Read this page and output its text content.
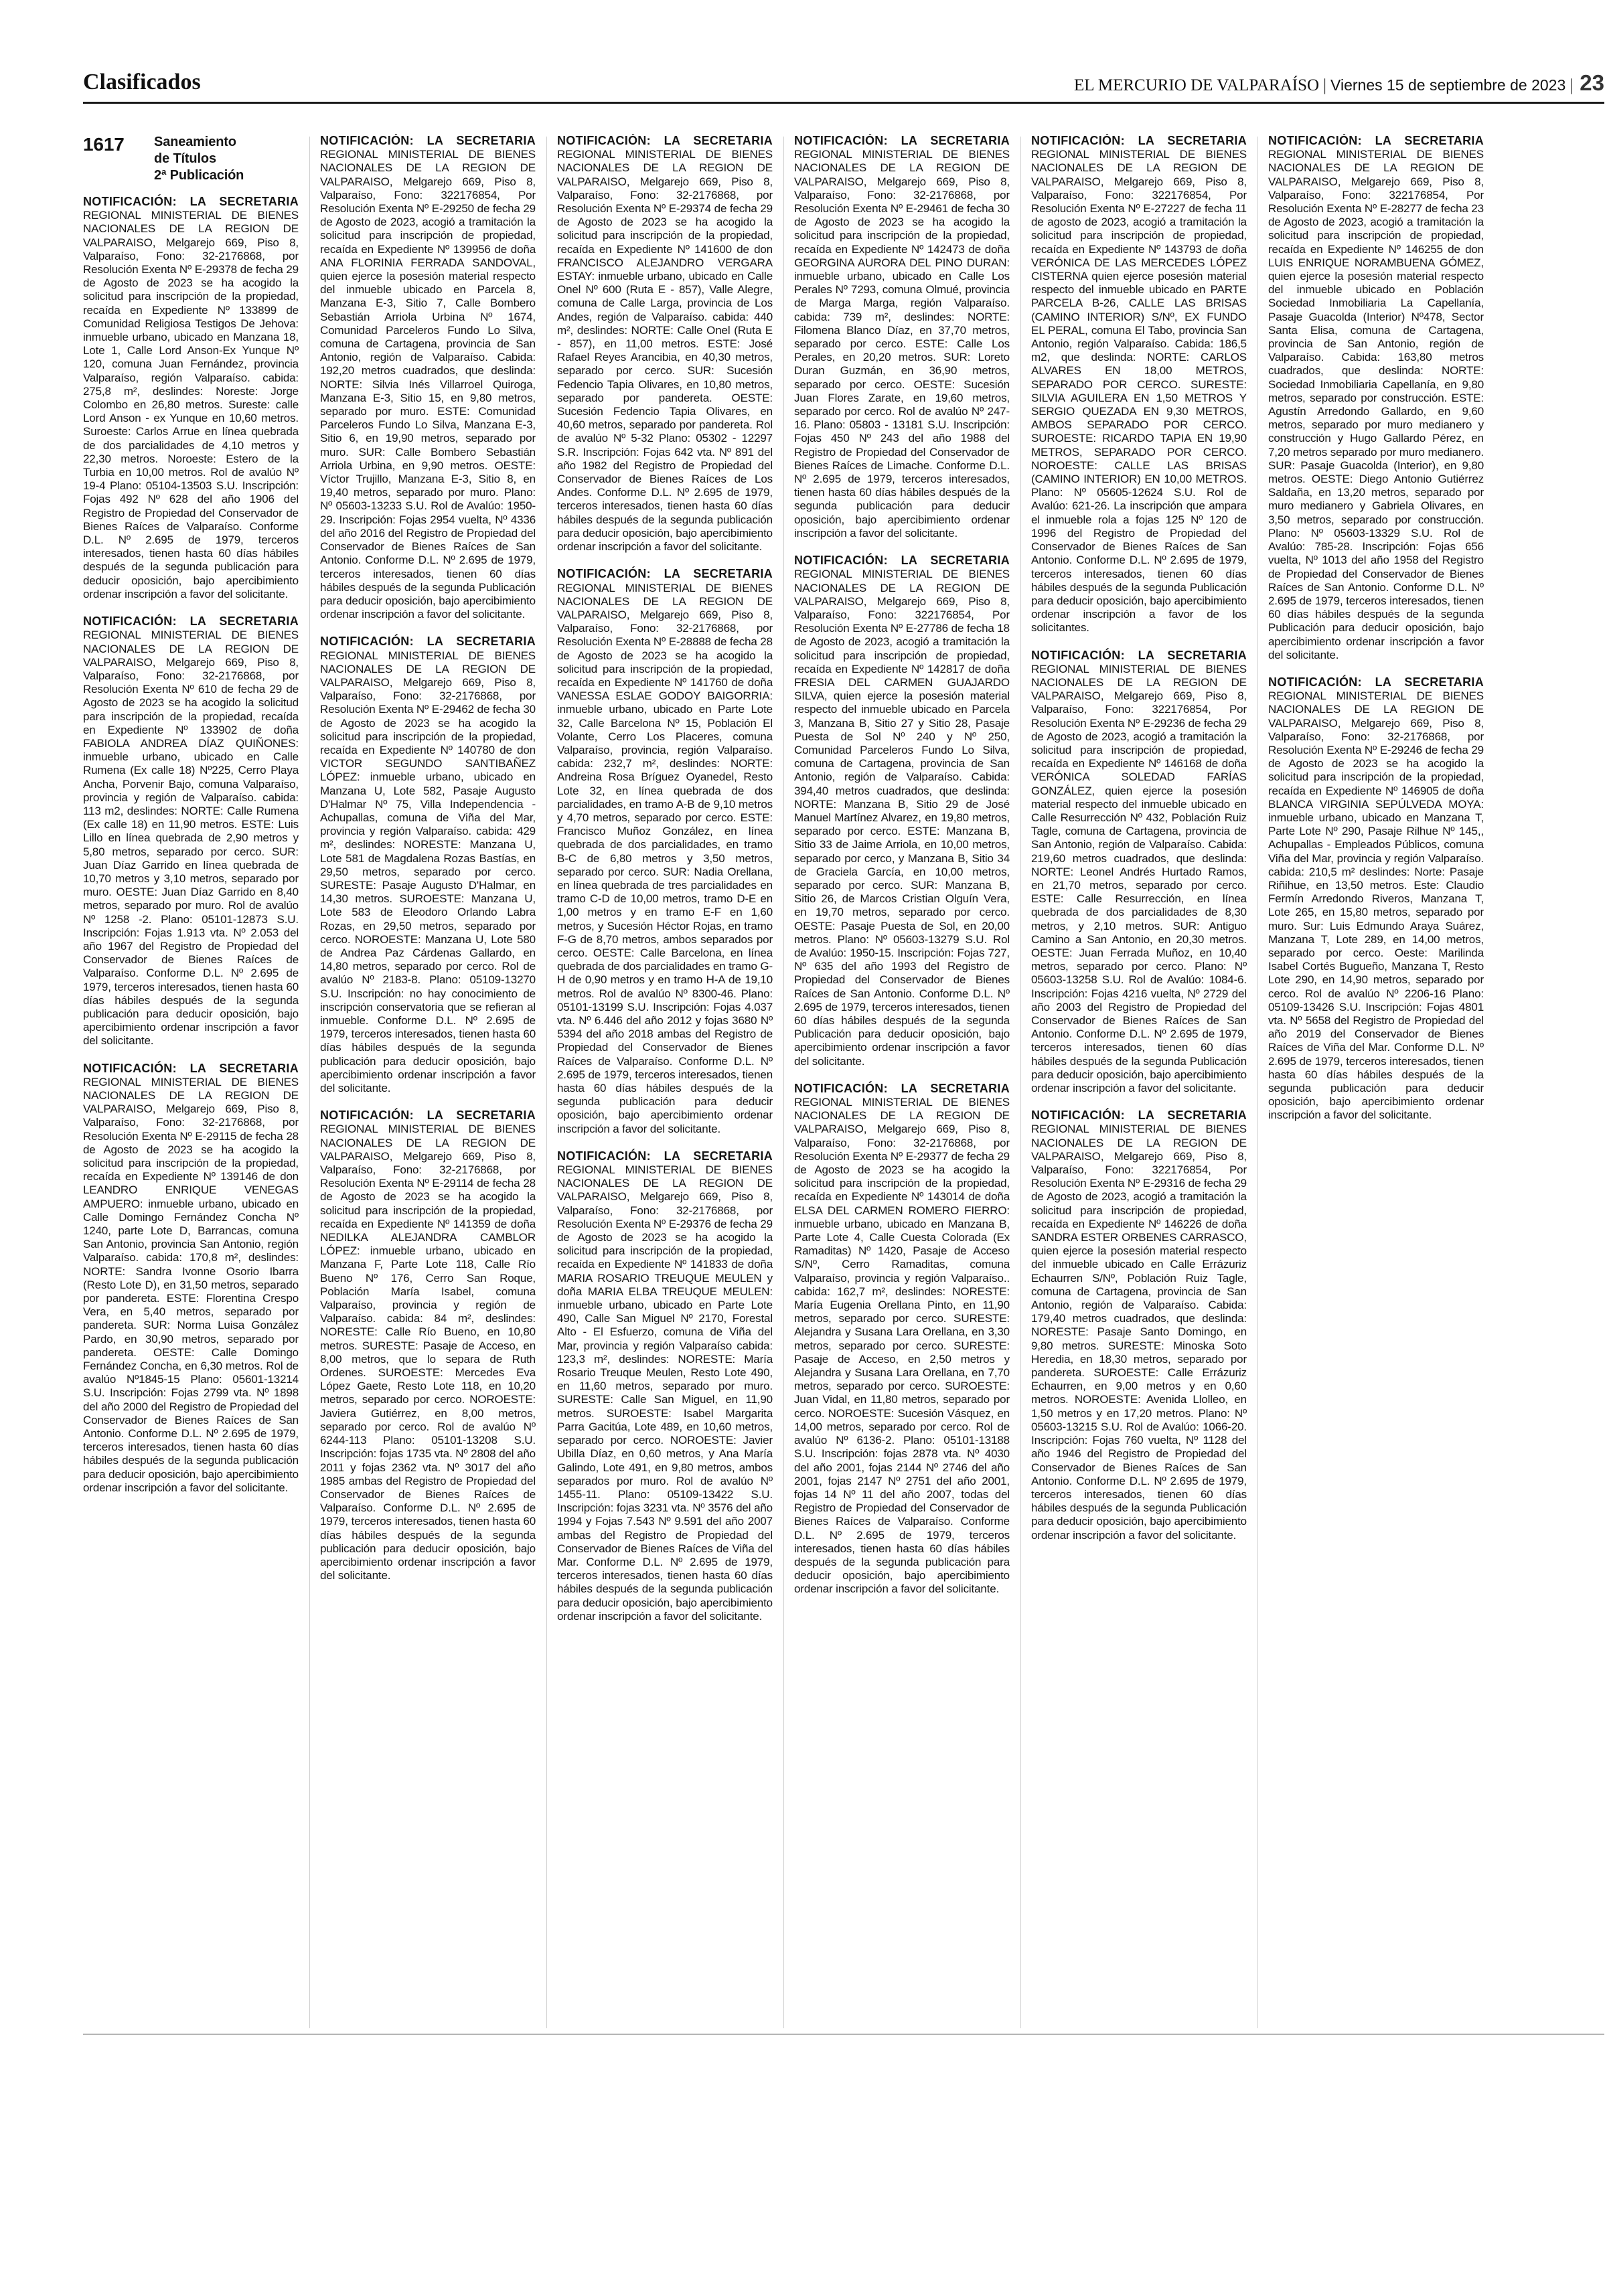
Clasificados	EL MERCURIO DE VALPARAÍSO | Viernes 15 de septiembre de 2023 | 23
1617	Saneamiento
de Títulos
2ª Publicación
NOTIFICACIÓN: LA SECRETARIA REGIONAL MINISTERIAL DE BIENES NACIONALES DE LA REGION DE VALPARAISO, Melgarejo 669, Piso 8, Valparaíso, Fono: 32-2176868, por Resolución Exenta Nº E-29378 de fecha 29 de Agosto de 2023 se ha acogido la solicitud para inscripción de la propiedad, recaída en Expediente Nº 133899 de Comunidad Religiosa Testigos De Jehova: inmueble urbano, ubicado en Manzana 18, Lote 1, Calle Lord Anson-Ex Yunque Nº 120, comuna Juan Fernández, provincia Valparaíso, región Valparaíso. cabida: 275,8 m², deslindes: Noreste: Jorge Colombo en 26,80 metros. Sureste: calle Lord Anson - ex Yunque en 10,60 metros. Suroeste: Carlos Arrue en línea quebrada de dos parcialidades de 4,10 metros y 22,30 metros. Noroeste: Estero de la Turbia en 10,00 metros. Rol de avalúo Nº 19-4 Plano: 05104-13503 S.U. Inscripción: Fojas 492 Nº 628 del año 1906 del Registro de Propiedad del Conservador de Bienes Raíces de Valparaíso. Conforme D.L. Nº 2.695 de 1979, terceros interesados, tienen hasta 60 días hábiles después de la segunda publicación para deducir oposición, bajo apercibimiento ordenar inscripción a favor del solicitante.
NOTIFICACIÓN: LA SECRETARIA REGIONAL MINISTERIAL DE BIENES NACIONALES DE LA REGION DE VALPARAISO, Melgarejo 669, Piso 8, Valparaíso, Fono: 32-2176868, por Resolución Exenta Nº 610 de fecha 29 de Agosto de 2023 se ha acogido la solicitud para inscripción de la propiedad, recaída en Expediente Nº 133902 de doña FABIOLA ANDREA DÍAZ QUIÑONES: inmueble urbano, ubicado en Calle Rumena (Ex calle 18) Nº225, Cerro Playa Ancha, Porvenir Bajo, comuna Valparaíso, provincia y región de Valparaíso. cabida: 113 m2, deslindes: NORTE: Calle Rumena (Ex calle 18) en 11,90 metros. ESTE: Luis Lillo en línea quebrada de 2,90 metros y 5,80 metros, separado por cerco. SUR: Juan Díaz Garrido en línea quebrada de 10,70 metros y 3,10 metros, separado por muro. OESTE: Juan Díaz Garrido en 8,40 metros, separado por muro. Rol de avalúo Nº 1258 -2. Plano: 05101-12873 S.U. Inscripción: Fojas 1.913 vta. Nº 2.053 del año 1967 del Registro de Propiedad del Conservador de Bienes Raíces de Valparaíso. Conforme D.L. Nº 2.695 de 1979, terceros interesados, tienen hasta 60 días hábiles después de la segunda publicación para deducir oposición, bajo apercibimiento ordenar inscripción a favor del solicitante.
NOTIFICACIÓN: LA SECRETARIA REGIONAL MINISTERIAL DE BIENES NACIONALES DE LA REGION DE VALPARAISO, Melgarejo 669, Piso 8, Valparaíso, Fono: 32-2176868, por Resolución Exenta Nº E-29115 de fecha 28 de Agosto de 2023 se ha acogido la solicitud para inscripción de la propiedad, recaída en Expediente Nº 139146 de don LEANDRO ENRIQUE VENEGAS AMPUERO: inmueble urbano, ubicado en Calle Domingo Fernández Concha Nº 1240, parte Lote D, Barrancas, comuna San Antonio, provincia San Antonio, región Valparaíso. cabida: 170,8 m², deslindes: NORTE: Sandra Ivonne Osorio Ibarra (Resto Lote D), en 31,50 metros, separado por pandereta. ESTE: Florentina Crespo Vera, en 5,40 metros, separado por pandereta. SUR: Norma Luisa González Pardo, en 30,90 metros, separado por pandereta. OESTE: Calle Domingo Fernández Concha, en 6,30 metros. Rol de avalúo Nº1845-15 Plano: 05601-13214 S.U. Inscripción: Fojas 2799 vta. Nº 1898 del año 2000 del Registro de Propiedad del Conservador de Bienes Raíces de San Antonio. Conforme D.L. Nº 2.695 de 1979, terceros interesados, tienen hasta 60 días hábiles después de la segunda publicación para deducir oposición, bajo apercibimiento ordenar inscripción a favor del solicitante.
NOTIFICACIÓN: LA SECRETARIA REGIONAL MINISTERIAL DE BIENES NACIONALES DE LA REGION DE VALPARAISO, Melgarejo 669, Piso 8, Valparaíso, Fono: 322176854, Por Resolución Exenta Nº E-29250 de fecha 29 de Agosto de 2023, acogió a tramitación la solicitud para inscripción de propiedad, recaída en Expediente Nº 139956 de doña ANA FLORINIA FERRADA SANDOVAL, quien ejerce la posesión material respecto del inmueble ubicado en Parcela 8, Manzana E-3, Sitio 7, Calle Bombero Sebastián Arriola Urbina Nº 1674, Comunidad Parceleros Fundo Lo Silva, comuna de Cartagena, provincia de San Antonio, región de Valparaíso. Cabida: 192,20 metros cuadrados, que deslinda: NORTE: Silvia Inés Villarroel Quiroga, Manzana E-3, Sitio 15, en 9,80 metros, separado por muro. ESTE: Comunidad Parceleros Fundo Lo Silva, Manzana E-3, Sitio 6, en 19,90 metros, separado por muro. SUR: Calle Bombero Sebastián Arriola Urbina, en 9,90 metros. OESTE: Víctor Trujillo, Manzana E-3, Sitio 8, en 19,40 metros, separado por muro. Plano: Nº 05603-13233 S.U. Rol de Avalúo: 1950-29. Inscripción: Fojas 2954 vuelta, Nº 4336 del año 2016 del Registro de Propiedad del Conservador de Bienes Raíces de San Antonio. Conforme D.L. Nº 2.695 de 1979, terceros interesados, tienen 60 días hábiles después de la segunda Publicación para deducir oposición, bajo apercibimiento ordenar inscripción a favor del solicitante.
NOTIFICACIÓN: LA SECRETARIA REGIONAL MINISTERIAL DE BIENES NACIONALES DE LA REGION DE VALPARAISO, Melgarejo 669, Piso 8, Valparaíso, Fono: 32-2176868, por Resolución Exenta Nº E-29462 de fecha 30 de Agosto de 2023 se ha acogido la solicitud para inscripción de la propiedad, recaída en Expediente Nº 140780 de don VICTOR SEGUNDO SANTIBAÑEZ LÓPEZ: inmueble urbano, ubicado en Manzana U, Lote 582, Pasaje Augusto D'Halmar Nº 75, Villa Independencia - Achupallas, comuna de Viña del Mar, provincia y región Valparaíso. cabida: 429 m², deslindes: NORESTE: Manzana U, Lote 581 de Magdalena Rozas Bastías, en 29,50 metros, separado por cerco. SURESTE: Pasaje Augusto D'Halmar, en 14,30 metros. SUROESTE: Manzana U, Lote 583 de Eleodoro Orlando Labra Rozas, en 29,50 metros, separado por cerco. NOROESTE: Manzana U, Lote 580 de Andrea Paz Cárdenas Gallardo, en 14,80 metros, separado por cerco. Rol de avalúo Nº 2183-8. Plano: 05109-13270 S.U. Inscripción: no hay conocimiento de inscripción conservatoria que se refieran al inmueble. Conforme D.L. Nº 2.695 de 1979, terceros interesados, tienen hasta 60 días hábiles después de la segunda publicación para deducir oposición, bajo apercibimiento ordenar inscripción a favor del solicitante.
NOTIFICACIÓN: LA SECRETARIA REGIONAL MINISTERIAL DE BIENES NACIONALES DE LA REGION DE VALPARAISO, Melgarejo 669, Piso 8, Valparaíso, Fono: 32-2176868, por Resolución Exenta Nº E-29114 de fecha 28 de Agosto de 2023 se ha acogido la solicitud para inscripción de la propiedad, recaída en Expediente Nº 141359 de doña NEDILKA ALEJANDRA CAMBLOR LÓPEZ: inmueble urbano, ubicado en Manzana F, Parte Lote 118, Calle Río Bueno Nº 176, Cerro San Roque, Población María Isabel, comuna Valparaíso, provincia y región de Valparaíso. cabida: 84 m², deslindes: NORESTE: Calle Río Bueno, en 10,80 metros. SURESTE: Pasaje de Acceso, en 8,00 metros, que lo separa de Ruth Ordenes. SUROESTE: Mercedes Eva López Gaete, Resto Lote 118, en 10,20 metros, separado por cerco. NOROESTE: Javiera Gutiérrez, en 8,00 metros, separado por cerco. Rol de avalúo Nº 6244-113 Plano: 05101-13208 S.U. Inscripción: fojas 1735 vta. Nº 2808 del año 2011 y fojas 2362 vta. Nº 3017 del año 1985 ambas del Registro de Propiedad del Conservador de Bienes Raíces de Valparaíso. Conforme D.L. Nº 2.695 de 1979, terceros interesados, tienen hasta 60 días hábiles después de la segunda publicación para deducir oposición, bajo apercibimiento ordenar inscripción a favor del solicitante.
NOTIFICACIÓN: LA SECRETARIA REGIONAL MINISTERIAL DE BIENES NACIONALES DE LA REGION DE VALPARAISO, Melgarejo 669, Piso 8, Valparaíso, Fono: 32-2176868, por Resolución Exenta Nº E-29374 de fecha 29 de Agosto de 2023 se ha acogido la solicitud para inscripción de la propiedad, recaída en Expediente Nº 141600 de don FRANCISCO ALEJANDRO VERGARA ESTAY: inmueble urbano, ubicado en Calle Onel Nº 600 (Ruta E - 857), Valle Alegre, comuna de Calle Larga, provincia de Los Andes, región de Valparaíso. cabida: 440 m², deslindes: NORTE: Calle Onel (Ruta E - 857), en 11,00 metros. ESTE: José Rafael Reyes Arancibia, en 40,30 metros, separado por cerco. SUR: Sucesión Fedencio Tapia Olivares, en 10,80 metros, separado por pandereta. OESTE: Sucesión Fedencio Tapia Olivares, en 40,60 metros, separado por pandereta. Rol de avalúo Nº 5-32 Plano: 05302 - 12297 S.R. Inscripción: Fojas 642 vta. Nº 891 del año 1982 del Registro de Propiedad del Conservador de Bienes Raíces de Los Andes. Conforme D.L. Nº 2.695 de 1979, terceros interesados, tienen hasta 60 días hábiles después de la segunda publicación para deducir oposición, bajo apercibimiento ordenar inscripción a favor del solicitante.
NOTIFICACIÓN: LA SECRETARIA REGIONAL MINISTERIAL DE BIENES NACIONALES DE LA REGION DE VALPARAISO, Melgarejo 669, Piso 8, Valparaíso, Fono: 32-2176868, por Resolución Exenta Nº E-28888 de fecha 28 de Agosto de 2023 se ha acogido la solicitud para inscripción de la propiedad, recaída en Expediente Nº 141760 de doña VANESSA ESLAE GODOY BAIGORRIA: inmueble urbano, ubicado en Parte Lote 32, Calle Barcelona Nº 15, Población El Volante, Cerro Los Placeres, comuna Valparaíso, provincia, región Valparaíso. cabida: 232,7 m², deslindes: NORTE: Andreina Rosa Bríguez Oyanedel, Resto Lote 32, en línea quebrada de dos parcialidades, en tramo A-B de 9,10 metros y 4,70 metros, separado por cerco. ESTE: Francisco Muñoz González, en línea quebrada de dos parcialidades, en tramo B-C de 6,80 metros y 3,50 metros, separado por cerco. SUR: Nadia Orellana, en línea quebrada de tres parcialidades en tramo C-D de 10,00 metros, tramo D-E en 1,00 metros y en tramo E-F en 1,60 metros, y Sucesión Héctor Rojas, en tramo F-G de 8,70 metros, ambos separados por cerco. OESTE: Calle Barcelona, en línea quebrada de dos parcialidades en tramo G-H de 0,90 metros y en tramo H-A de 19,10 metros. Rol de avalúo Nº 8300-46. Plano: 05101-13199 S.U. Inscripción: Fojas 4.037 vta. Nº 6.446 del año 2012 y fojas 3680 Nº 5394 del año 2018 ambas del Registro de Propiedad del Conservador de Bienes Raíces de Valparaíso. Conforme D.L. Nº 2.695 de 1979, terceros interesados, tienen hasta 60 días hábiles después de la segunda publicación para deducir oposición, bajo apercibimiento ordenar inscripción a favor del solicitante.
NOTIFICACIÓN: LA SECRETARIA REGIONAL MINISTERIAL DE BIENES NACIONALES DE LA REGION DE VALPARAISO, Melgarejo 669, Piso 8, Valparaíso, Fono: 32-2176868, por Resolución Exenta Nº E-29376 de fecha 29 de Agosto de 2023 se ha acogido la solicitud para inscripción de la propiedad, recaída en Expediente Nº 141833 de doña MARIA ROSARIO TREUQUE MEULEN y doña MARIA ELBA TREUQUE MEULEN: inmueble urbano, ubicado en Parte Lote 490, Calle San Miguel Nº 2170, Forestal Alto - El Esfuerzo, comuna de Viña del Mar, provincia y región Valparaíso cabida: 123,3 m², deslindes: NORESTE: María Rosario Treuque Meulen, Resto Lote 490, en 11,60 metros, separado por muro. SURESTE: Calle San Miguel, en 11,90 metros. SUROESTE: Isabel Margarita Parra Gacitúa, Lote 489, en 10,60 metros, separado por cerco. NOROESTE: Javier Ubilla Díaz, en 0,60 metros, y Ana María Galindo, Lote 491, en 9,80 metros, ambos separados por muro. Rol de avalúo Nº 1455-11. Plano: 05109-13422 S.U. Inscripción: fojas 3231 vta. Nº 3576 del año 1994 y Fojas 7.543 Nº 9.591 del año 2007 ambas del Registro de Propiedad del Conservador de Bienes Raíces de Viña del Mar. Conforme D.L. Nº 2.695 de 1979, terceros interesados, tienen hasta 60 días hábiles después de la segunda publicación para deducir oposición, bajo apercibimiento ordenar inscripción a favor del solicitante.
NOTIFICACIÓN: LA SECRETARIA REGIONAL MINISTERIAL DE BIENES NACIONALES DE LA REGION DE VALPARAISO, Melgarejo 669, Piso 8, Valparaíso, Fono: 32-2176868, por Resolución Exenta Nº E-29461 de fecha 30 de Agosto de 2023 se ha acogido la solicitud para inscripción de la propiedad, recaída en Expediente Nº 142473 de doña GEORGINA AURORA DEL PINO DURAN: inmueble urbano, ubicado en Calle Los Perales Nº 7293, comuna Olmué, provincia de Marga Marga, región Valparaíso. cabida: 739 m², deslindes: NORTE: Filomena Blanco Díaz, en 37,70 metros, separado por cerco. ESTE: Calle Los Perales, en 20,20 metros. SUR: Loreto Duran Guzmán, en 36,90 metros, separado por cerco. OESTE: Sucesión Juan Flores Zarate, en 19,60 metros, separado por cerco. Rol de avalúo Nº 247-16. Plano: 05803 - 13181 S.U. Inscripción: Fojas 450 Nº 243 del año 1988 del Registro de Propiedad del Conservador de Bienes Raíces de Limache. Conforme D.L. Nº 2.695 de 1979, terceros interesados, tienen hasta 60 días hábiles después de la segunda publicación para deducir oposición, bajo apercibimiento ordenar inscripción a favor del solicitante.
NOTIFICACIÓN: LA SECRETARIA REGIONAL MINISTERIAL DE BIENES NACIONALES DE LA REGION DE VALPARAISO, Melgarejo 669, Piso 8, Valparaíso, Fono: 322176854, Por Resolución Exenta Nº E-27786 de fecha 18 de Agosto de 2023, acogió a tramitación la solicitud para inscripción de propiedad, recaída en Expediente Nº 142817 de doña FRESIA DEL CARMEN GUAJARDO SILVA, quien ejerce la posesión material respecto del inmueble ubicado en Parcela 3, Manzana B, Sitio 27 y Sitio 28, Pasaje Puesta de Sol Nº 240 y Nº 250, Comunidad Parceleros Fundo Lo Silva, comuna de Cartagena, provincia de San Antonio, región de Valparaíso. Cabida: 394,40 metros cuadrados, que deslinda: NORTE: Manzana B, Sitio 29 de José Manuel Martínez Alvarez, en 19,80 metros, separado por cerco. ESTE: Manzana B, Sitio 33 de Jaime Arriola, en 10,00 metros, separado por cerco, y Manzana B, Sitio 34 de Graciela García, en 10,00 metros, separado por cerco. SUR: Manzana B, Sitio 26, de Marcos Cristian Olguín Vera, en 19,70 metros, separado por cerco. OESTE: Pasaje Puesta de Sol, en 20,00 metros. Plano: Nº 05603-13279 S.U. Rol de Avalúo: 1950-15. Inscripción: Fojas 727, Nº 635 del año 1993 del Registro de Propiedad del Conservador de Bienes Raíces de San Antonio. Conforme D.L. Nº 2.695 de 1979, terceros interesados, tienen 60 días hábiles después de la segunda Publicación para deducir oposición, bajo apercibimiento ordenar inscripción a favor del solicitante.
NOTIFICACIÓN: LA SECRETARIA REGIONAL MINISTERIAL DE BIENES NACIONALES DE LA REGION DE VALPARAISO, Melgarejo 669, Piso 8, Valparaíso, Fono: 32-2176868, por Resolución Exenta Nº E-29377 de fecha 29 de Agosto de 2023 se ha acogido la solicitud para inscripción de la propiedad, recaída en Expediente Nº 143014 de doña ELSA DEL CARMEN ROMERO FIERRO: inmueble urbano, ubicado en Manzana B, Parte Lote 4, Calle Cuesta Colorada (Ex Ramaditas) Nº 1420, Pasaje de Acceso S/Nº, Cerro Ramaditas, comuna Valparaíso, provincia y región Valparaíso.. cabida: 162,7 m², deslindes: NORESTE: María Eugenia Orellana Pinto, en 11,90 metros, separado por cerco. SURESTE: Alejandra y Susana Lara Orellana, en 3,30 metros, separado por cerco. SURESTE: Pasaje de Acceso, en 2,50 metros y Alejandra y Susana Lara Orellana, en 7,70 metros, separado por cerco. SUROESTE: Juan Vidal, en 11,80 metros, separado por cerco. NOROESTE: Sucesión Vásquez, en 14,00 metros, separado por cerco. Rol de avalúo Nº 6136-2. Plano: 05101-13188 S.U. Inscripción: fojas 2878 vta. Nº 4030 del año 2001, fojas 2144 Nº 2746 del año 2001, fojas 2147 Nº 2751 del año 2001, fojas 14 Nº 11 del año 2007, todas del Registro de Propiedad del Conservador de Bienes Raíces de Valparaíso. Conforme D.L. Nº 2.695 de 1979, terceros interesados, tienen hasta 60 días hábiles después de la segunda publicación para deducir oposición, bajo apercibimiento ordenar inscripción a favor del solicitante.
NOTIFICACIÓN: LA SECRETARIA REGIONAL MINISTERIAL DE BIENES NACIONALES DE LA REGION DE VALPARAISO, Melgarejo 669, Piso 8, Valparaíso, Fono: 322176854, Por Resolución Exenta Nº E-27227 de fecha 11 de agosto de 2023, acogió a tramitación la solicitud para inscripción de propiedad, recaída en Expediente Nº 143793 de doña VERÓNICA DE LAS MERCEDES LÓPEZ CISTERNA quien ejerce posesión material respecto del inmueble ubicado en PARTE PARCELA B-26, CALLE LAS BRISAS (CAMINO INTERIOR) S/Nº, EX FUNDO EL PERAL, comuna El Tabo, provincia San Antonio, región Valparaíso. Cabida: 186,5 m2, que deslinda: NORTE: CARLOS ALVARES EN 18,00 METROS, SEPARADO POR CERCO. SURESTE: SILVIA AGUILERA EN 1,50 METROS Y SERGIO QUEZADA EN 9,30 METROS, AMBOS SEPARADO POR CERCO. SUROESTE: RICARDO TAPIA EN 19,90 METROS, SEPARADO POR CERCO. NOROESTE: CALLE LAS BRISAS (CAMINO INTERIOR) EN 10,00 METROS. Plano: Nº 05605-12624 S.U. Rol de Avalúo: 621-26. La inscripción que ampara el inmueble rola a fojas 125 Nº 120 de 1996 del Registro de Propiedad del Conservador de Bienes Raíces de San Antonio. Conforme D.L. Nº 2.695 de 1979, terceros interesados, tienen 60 días hábiles después de la segunda Publicación para deducir oposición, bajo apercibimiento ordenar inscripción a favor de los solicitantes.
NOTIFICACIÓN: LA SECRETARIA REGIONAL MINISTERIAL DE BIENES NACIONALES DE LA REGION DE VALPARAISO, Melgarejo 669, Piso 8, Valparaíso, Fono: 322176854, Por Resolución Exenta Nº E-29236 de fecha 29 de Agosto de 2023, acogió a tramitación la solicitud para inscripción de propiedad, recaída en Expediente Nº 146168 de doña VERÓNICA SOLEDAD FARÍAS GONZÁLEZ, quien ejerce la posesión material respecto del inmueble ubicado en Calle Resurrección Nº 432, Población Ruiz Tagle, comuna de Cartagena, provincia de San Antonio, región de Valparaíso. Cabida: 219,60 metros cuadrados, que deslinda: NORTE: Leonel Andrés Hurtado Ramos, en 21,70 metros, separado por cerco. ESTE: Calle Resurrección, en línea quebrada de dos parcialidades de 8,30 metros, y 2,10 metros. SUR: Antiguo Camino a San Antonio, en 20,30 metros. OESTE: Juan Ferrada Muñoz, en 10,40 metros, separado por cerco. Plano: Nº 05603-13258 S.U. Rol de Avalúo: 1084-6. Inscripción: Fojas 4216 vuelta, Nº 2729 del año 2003 del Registro de Propiedad del Conservador de Bienes Raíces de San Antonio. Conforme D.L. Nº 2.695 de 1979, terceros interesados, tienen 60 días hábiles después de la segunda Publicación para deducir oposición, bajo apercibimiento ordenar inscripción a favor del solicitante.
NOTIFICACIÓN: LA SECRETARIA REGIONAL MINISTERIAL DE BIENES NACIONALES DE LA REGION DE VALPARAISO, Melgarejo 669, Piso 8, Valparaíso, Fono: 322176854, Por Resolución Exenta Nº E-29316 de fecha 29 de Agosto de 2023, acogió a tramitación la solicitud para inscripción de propiedad, recaída en Expediente Nº 146226 de doña SANDRA ESTER ORBENES CARRASCO, quien ejerce la posesión material respecto del inmueble ubicado en Calle Errázuriz Echaurren S/Nº, Población Ruiz Tagle, comuna de Cartagena, provincia de San Antonio, región de Valparaíso. Cabida: 179,40 metros cuadrados, que deslinda: NORESTE: Pasaje Santo Domingo, en 9,80 metros. SURESTE: Minoska Soto Heredia, en 18,30 metros, separado por pandereta. SUROESTE: Calle Errázuriz Echaurren, en 9,00 metros y en 0,60 metros. NOROESTE: Avenida Llolleo, en 1,50 metros y en 17,20 metros. Plano: Nº 05603-13215 S.U. Rol de Avalúo: 1066-20. Inscripción: Fojas 760 vuelta, Nº 1128 del año 1946 del Registro de Propiedad del Conservador de Bienes Raíces de San Antonio. Conforme D.L. Nº 2.695 de 1979, terceros interesados, tienen 60 días hábiles después de la segunda Publicación para deducir oposición, bajo apercibimiento ordenar inscripción a favor del solicitante.
NOTIFICACIÓN: LA SECRETARIA REGIONAL MINISTERIAL DE BIENES NACIONALES DE LA REGION DE VALPARAISO, Melgarejo 669, Piso 8, Valparaíso, Fono: 322176854, Por Resolución Exenta Nº E-28277 de fecha 23 de Agosto de 2023, acogió a tramitación la solicitud para inscripción de propiedad, recaída en Expediente Nº 146255 de don LUIS ENRIQUE NORAMBUENA GÓMEZ, quien ejerce la posesión material respecto del inmueble ubicado en Población Sociedad Inmobiliaria La Capellanía, Pasaje Guacolda (Interior) Nº478, Sector Santa Elisa, comuna de Cartagena, provincia de San Antonio, región de Valparaíso. Cabida: 163,80 metros cuadrados, que deslinda: NORTE: Sociedad Inmobiliaria Capellanía, en 9,80 metros, separado por construcción. ESTE: Agustín Arredondo Gallardo, en 9,60 metros, separado por muro medianero y construcción y Hugo Gallardo Pérez, en 7,20 metros separado por muro medianero. SUR: Pasaje Guacolda (Interior), en 9,80 metros. OESTE: Diego Antonio Gutiérrez Saldaña, en 13,20 metros, separado por muro medianero y Gabriela Olivares, en 3,50 metros, separado por construcción. Plano: Nº 05603-13329 S.U. Rol de Avalúo: 785-28. Inscripción: Fojas 656 vuelta, Nº 1013 del año 1958 del Registro de Propiedad del Conservador de Bienes Raíces de San Antonio. Conforme D.L. Nº 2.695 de 1979, terceros interesados, tienen 60 días hábiles después de la segunda Publicación para deducir oposición, bajo apercibimiento ordenar inscripción a favor del solicitante.
NOTIFICACIÓN: LA SECRETARIA REGIONAL MINISTERIAL DE BIENES NACIONALES DE LA REGION DE VALPARAISO, Melgarejo 669, Piso 8, Valparaíso, Fono: 32-2176868, por Resolución Exenta Nº E-29246 de fecha 29 de Agosto de 2023 se ha acogido la solicitud para inscripción de la propiedad, recaída en Expediente Nº 146905 de doña BLANCA VIRGINIA SEPÚLVEDA MOYA: inmueble urbano, ubicado en Manzana T, Parte Lote Nº 290, Pasaje Rilhue Nº 145,, Achupallas - Empleados Públicos, comuna Viña del Mar, provincia y región Valparaíso. cabida: 210,5 m² deslindes: Norte: Pasaje Riñihue, en 13,50 metros. Este: Claudio Fermín Arredondo Riveros, Manzana T, Lote 265, en 15,80 metros, separado por muro. Sur: Luis Edmundo Araya Suárez, Manzana T, Lote 289, en 14,00 metros, separado por cerco. Oeste: Marilinda Isabel Cortés Bugueño, Manzana T, Resto Lote 290, en 14,90 metros, separado por cerco. Rol de avalúo Nº 2206-16 Plano: 05109-13426 S.U. Inscripción: Fojas 4801 vta. Nº 5658 del Registro de Propiedad del año 2019 del Conservador de Bienes Raíces de Viña del Mar. Conforme D.L. Nº 2.695 de 1979, terceros interesados, tienen hasta 60 días hábiles después de la segunda publicación para deducir oposición, bajo apercibimiento ordenar inscripción a favor del solicitante.
